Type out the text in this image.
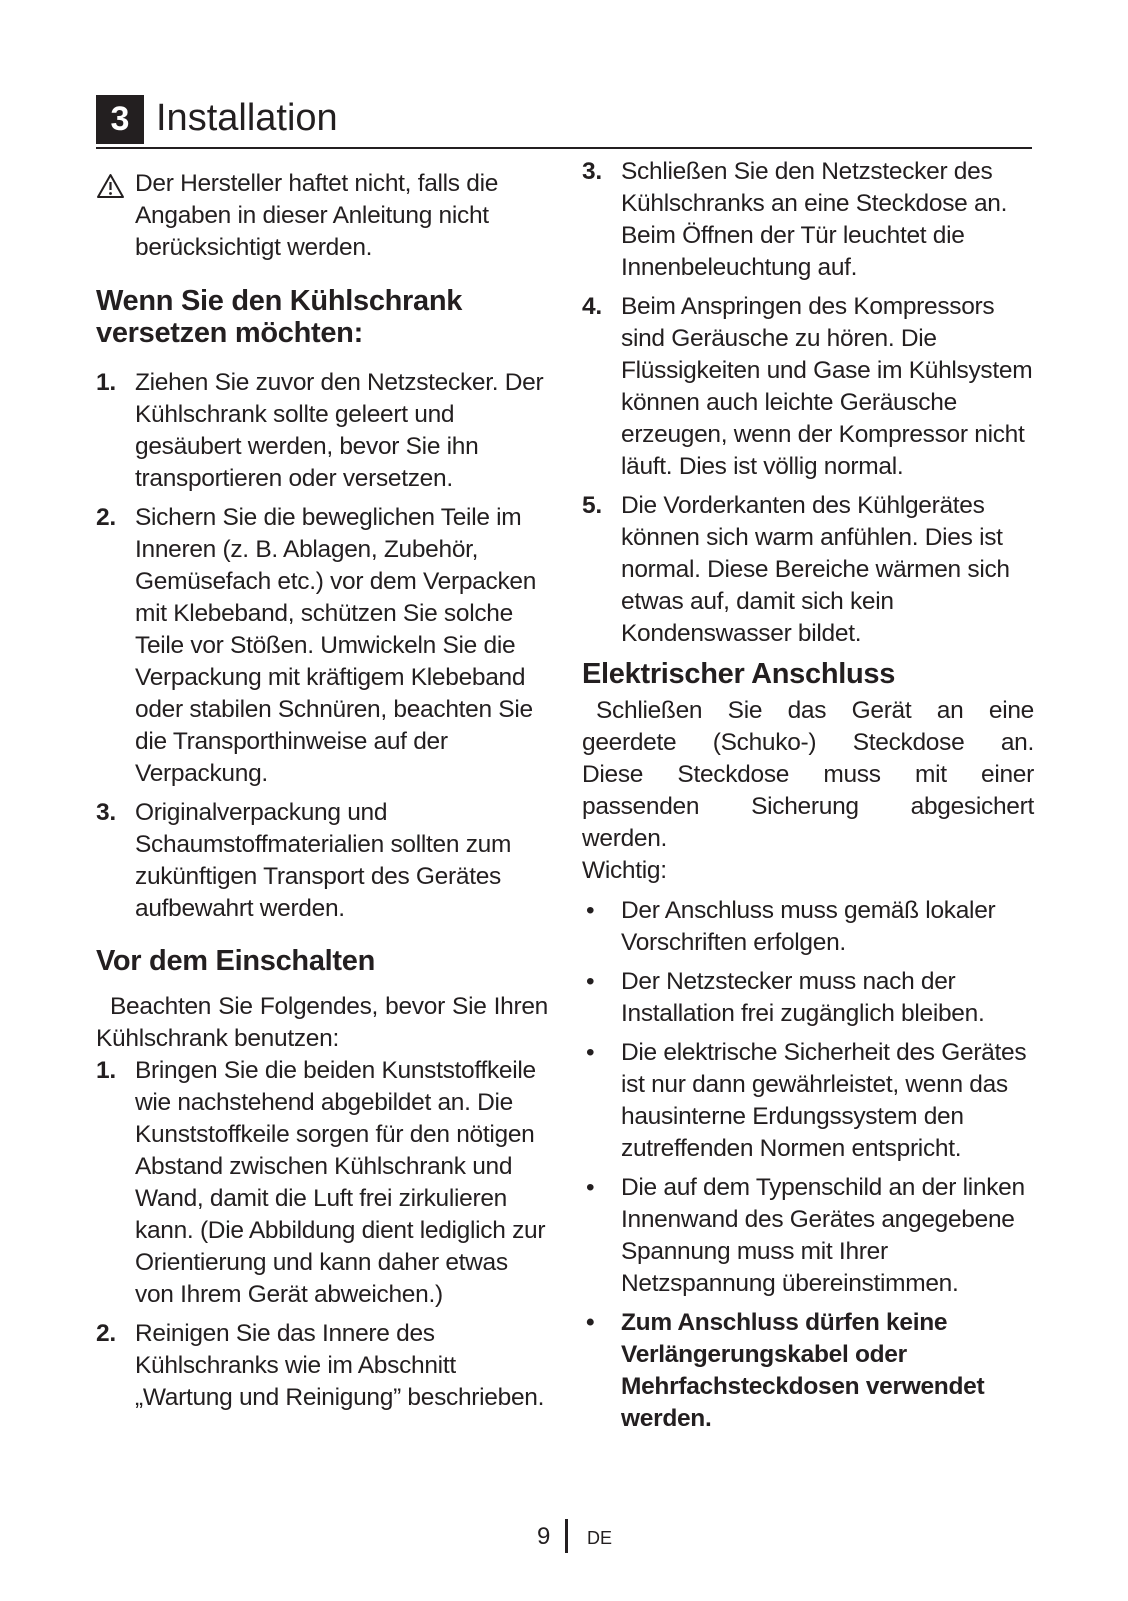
3 Installation
Der Hersteller haftet nicht, falls die Angaben in dieser Anleitung nicht berücksichtigt werden.
Wenn Sie den Kühlschrank versetzen möchten:
1. Ziehen Sie zuvor den Netzstecker. Der Kühlschrank sollte geleert und gesäubert werden, bevor Sie ihn transportieren oder versetzen.
2. Sichern Sie die beweglichen Teile im Inneren (z. B. Ablagen, Zubehör, Gemüsefach etc.) vor dem Verpacken mit Klebeband, schützen Sie solche Teile vor Stößen. Umwickeln Sie die Verpackung mit kräftigem Klebeband oder stabilen Schnüren, beachten Sie die Transporthinweise auf der Verpackung.
3. Originalverpackung und Schaumstoffmaterialien sollten zum zukünftigen Transport des Gerätes aufbewahrt werden.
Vor dem Einschalten

Beachten Sie Folgendes, bevor Sie Ihren Kühlschrank benutzen:

1. Bringen Sie die beiden Kunststoffkeile wie nachstehend abgebildet an. Die Kunststoffkeile sorgen für den nötigen Abstand zwischen Kühlschrank und Wand, damit die Luft frei zirkulieren kann. (Die Abbildung dient lediglich zur Orientierung und kann daher etwas von Ihrem Gerät abweichen.)
2. Reinigen Sie das Innere des Kühlschranks wie im Abschnitt „Wartung und Reinigung” beschrieben.
3. Schließen Sie den Netzstecker des Kühlschranks an eine Steckdose an. Beim Öffnen der Tür leuchtet die Innenbeleuchtung auf.
4. Beim Anspringen des Kompressors sind Geräusche zu hören. Die Flüssigkeiten und Gase im Kühlsystem können auch leichte Geräusche erzeugen, wenn der Kompressor nicht läuft. Dies ist völlig normal.
5. Die Vorderkanten des Kühlgerätes können sich warm anfühlen. Dies ist normal. Diese Bereiche wärmen sich etwas auf, damit sich kein Kondenswasser bildet.
Elektrischer Anschluss

Schließen Sie das Gerät an eine geerdete (Schuko-) Steckdose an. Diese Steckdose muss mit einer passenden Sicherung abgesichert werden.

Wichtig:

• Der Anschluss muss gemäß lokaler Vorschriften erfolgen.
• Der Netzstecker muss nach der Installation frei zugänglich bleiben.
• Die elektrische Sicherheit des Gerätes ist nur dann gewährleistet, wenn das hausinterne Erdungssystem den zutreffenden Normen entspricht.
• Die auf dem Typenschild an der linken Innenwand des Gerätes angegebene Spannung muss mit Ihrer Netzspannung übereinstimmen.
• Zum Anschluss dürfen keine Verlängerungskabel oder Mehrfachsteckdosen verwendet werden.
9 DE
